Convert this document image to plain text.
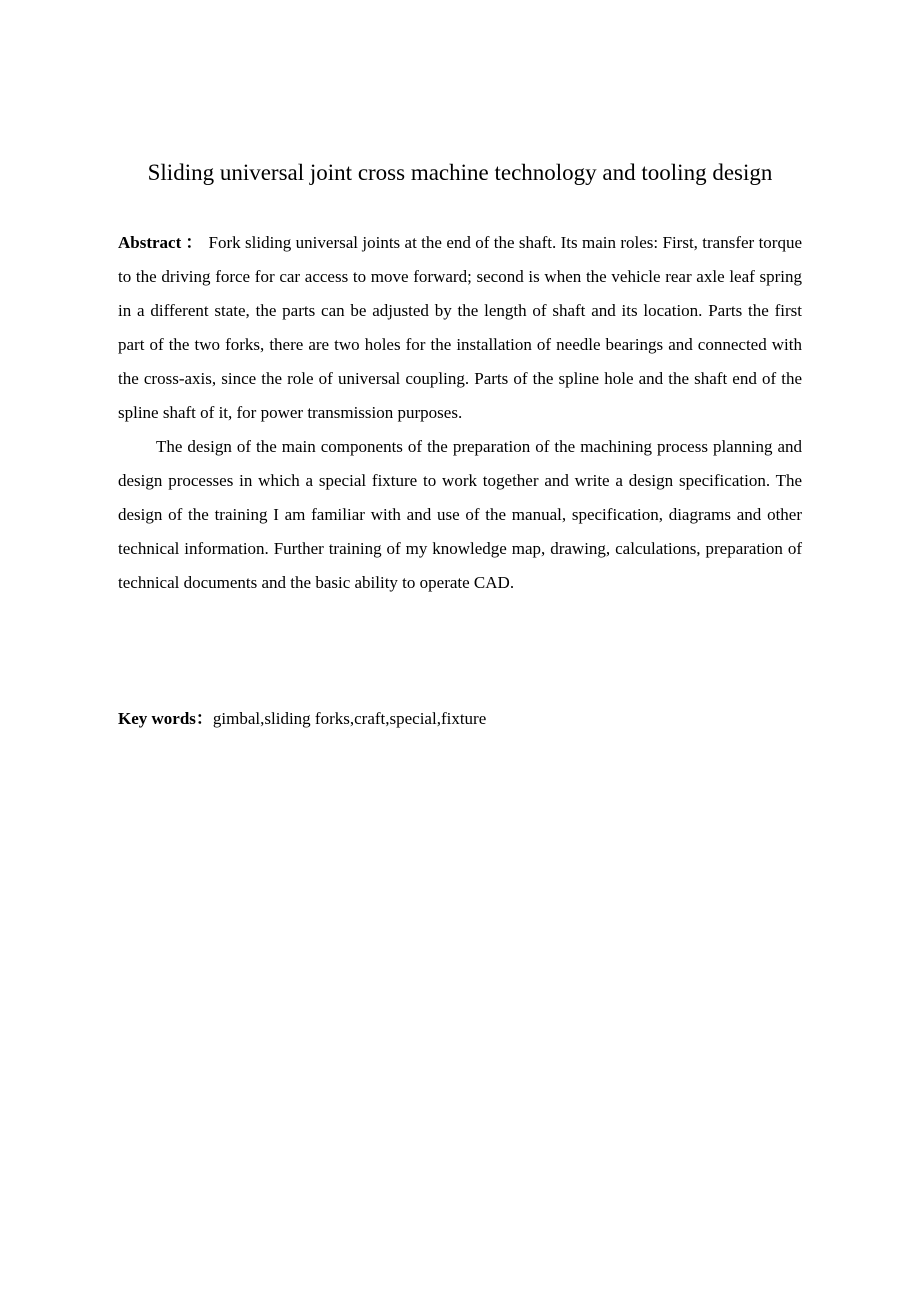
Sliding universal joint cross machine technology and tooling design

Abstract ： Fork sliding universal joints at the end of the shaft. Its main roles: First, transfer torque to the driving force for car access to move forward; second is when the vehicle rear axle leaf spring in a different state, the parts can be adjusted by the length of shaft and its location. Parts the first part of the two forks, there are two holes for the installation of needle bearings and connected with the cross-axis, since the role of universal coupling. Parts of the spline hole and the shaft end of the spline shaft of it, for power transmission purposes.

The design of the main components of the preparation of the machining process planning and design processes in which a special fixture to work together and write a design specification. The design of the training I am familiar with and use of the manual, specification, diagrams and other technical information. Further training of my knowledge map, drawing, calculations, preparation of technical documents and the basic ability to operate CAD.

Key words：gimbal,sliding forks,craft,special,fixture
